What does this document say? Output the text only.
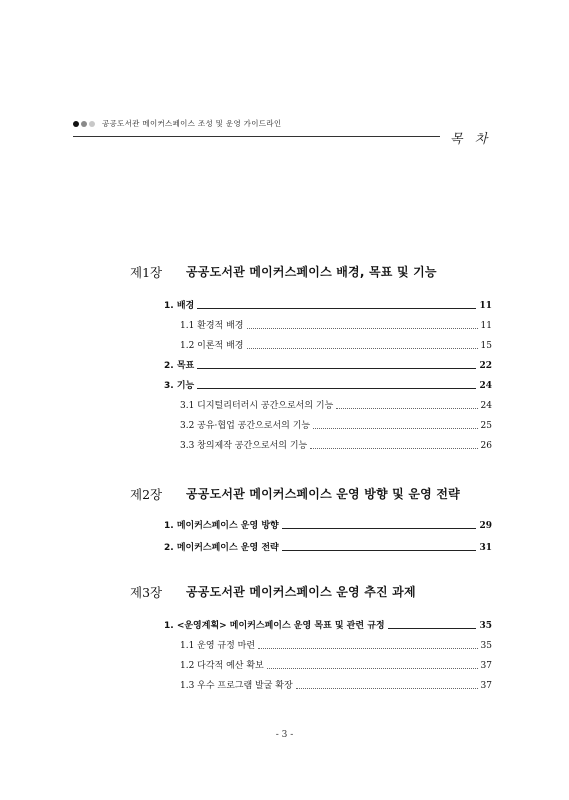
공공도서관 메이커스페이스 조성 및 운영 가이드라인
목 차
제1장	공공도서관 메이커스페이스 배경, 목표 및 기능
1. 배경	11
1.1 환경적 배경	11
1.2 이론적 배경	15
2. 목표	22
3. 기능	24
3.1 디지털리터러시 공간으로서의 기능	24
3.2 공유·협업 공간으로서의 기능	25
3.3 창의제작 공간으로서의 기능	26
제2장	공공도서관 메이커스페이스 운영 방향 및 운영 전략
1. 메이커스페이스 운영 방향	29
2. 메이커스페이스 운영 전략	31
제3장	공공도서관 메이커스페이스 운영 추진 과제
1. <운영계획> 메이커스페이스 운영 목표 및 관련 규정	35
1.1 운영 규정 마련	35
1.2 다각적 예산 확보	37
1.3 우수 프로그램 발굴 확장	37
- 3 -
